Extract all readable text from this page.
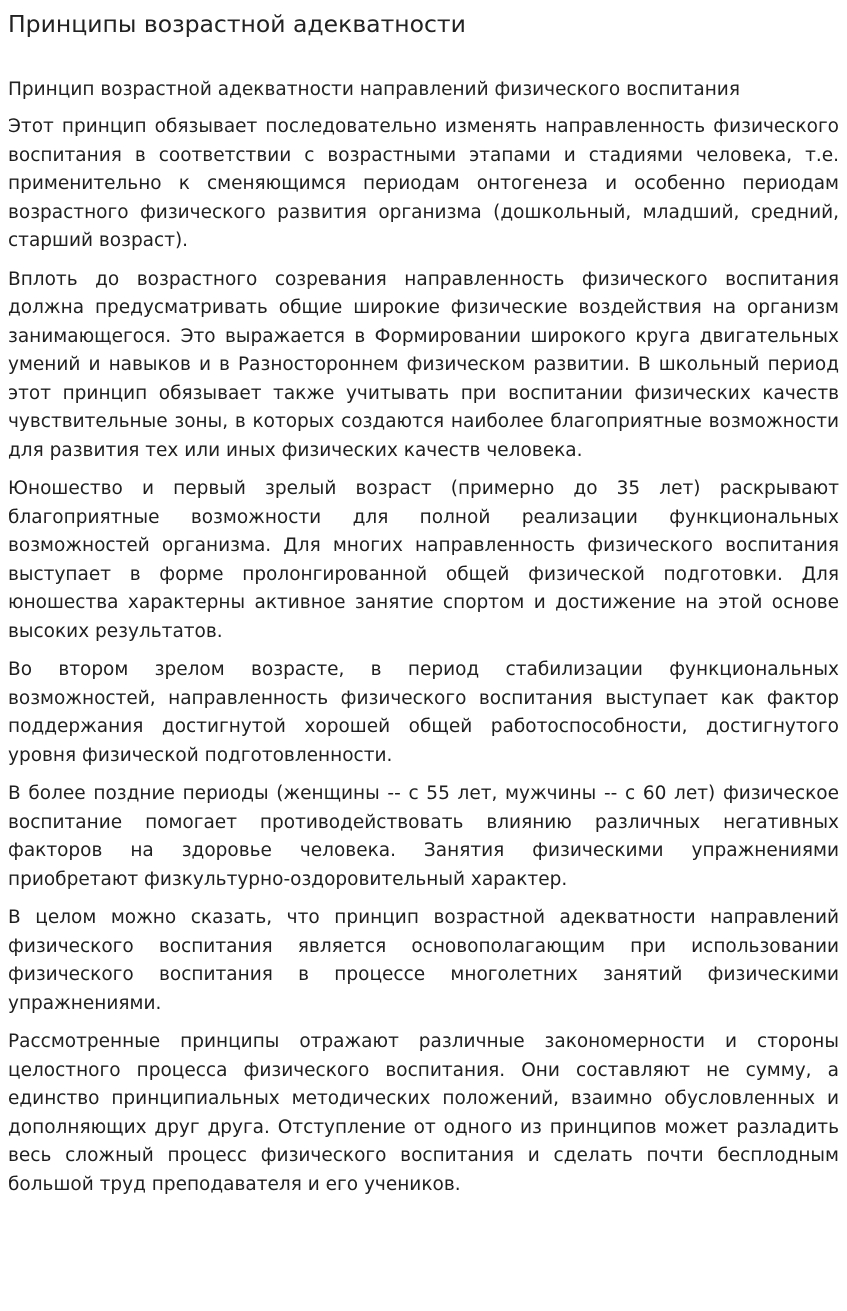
Принципы возрастной адекватности
Принцип возрастной адекватности направлений физического воспитания

Этот принцип обязывает последовательно изменять направленность физического воспитания в соответствии с возрастными этапами и стадиями человека, т.е. применительно к сменяющимся периодам онтогенеза и особенно периодам возрастного физического развития организма (дошкольный, младший, средний, старший возраст).

Вплоть до возрастного созревания направленность физического воспитания должна предусматривать общие широкие физические воздействия на организм занимающегося. Это выражается в Формировании широкого круга двигательных умений и навыков и в Разностороннем физическом развитии. В школьный период этот принцип обязывает также учитывать при воспитании физических качеств чувствительные зоны, в которых создаются наиболее благоприятные возможности для развития тех или иных физических качеств человека.

Юношество и первый зрелый возраст (примерно до 35 лет) раскрывают благоприятные возможности для полной реализации функциональных возможностей организма. Для многих направленность физического воспитания выступает в форме пролонгированной общей физической подготовки. Для юношества характерны активное занятие спортом и достижение на этой основе высоких результатов.

Во втором зрелом возрасте, в период стабилизации функциональных возможностей, направленность физического воспитания выступает как фактор поддержания достигнутой хорошей общей работоспособности, достигнутого уровня физической подготовленности.

В более поздние периоды (женщины -- с 55 лет, мужчины -- с 60 лет) физическое воспитание помогает противодействовать влиянию различных негативных факторов на здоровье человека. Занятия физическими упражнениями приобретают физкультурно-оздоровительный характер.

В целом можно сказать, что принцип возрастной адекватности направлений физического воспитания является основополагающим при использовании физического воспитания в процессе многолетних занятий физическими упражнениями.

Рассмотренные принципы отражают различные закономерности и стороны целостного процесса физического воспитания. Они составляют не сумму, а единство принципиальных методических положений, взаимно обусловленных и дополняющих друг друга. Отступление от одного из принципов может разладить весь сложный процесс физического воспитания и сделать почти бесплодным большой труд преподавателя и его учеников.
